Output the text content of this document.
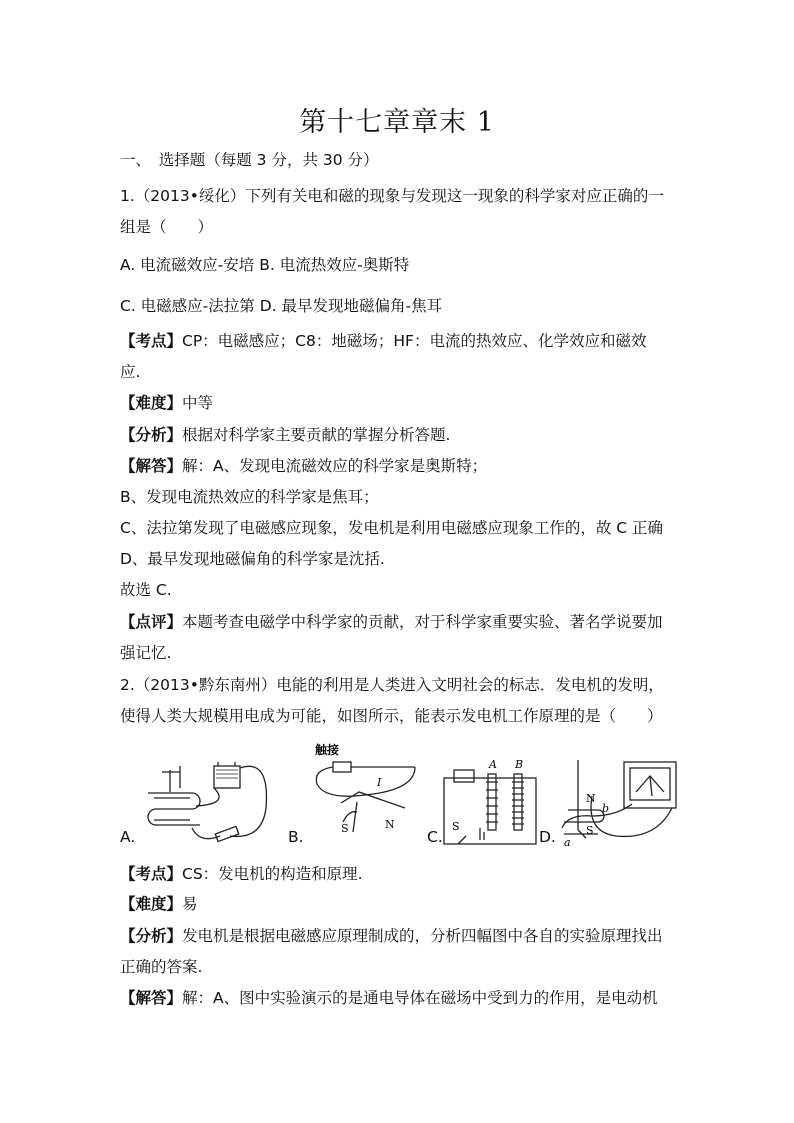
第十七章章末 1
一、　选择题（每题 3 分，共 30 分）
1.（2013•绥化）下列有关电和磁的现象与发现这一现象的科学家对应正确的一
组是（　　）
A. 电流磁效应-安培 B. 电流热效应-奥斯特
C. 电磁感应-法拉第 D. 最早发现地磁偏角-焦耳
【考点】CP：电磁感应；C8：地磁场；HF：电流的热效应、化学效应和磁效
应.
【难度】中等
【分析】根据对科学家主要贡献的掌握分析答题.
【解答】解：A、发现电流磁效应的科学家是奥斯特；
B、发现电流热效应的科学家是焦耳；
C、法拉第发现了电磁感应现象，发电机是利用电磁感应现象工作的，故 C 正确
D、最早发现地磁偏角的科学家是沈括.
故选 C.
【点评】本题考查电磁学中科学家的贡献，对于科学家重要实验、著名学说要加
强记忆.
2.（2013•黔东南州）电能的利用是人类进入文明社会的标志．发电机的发明，
使得人类大规模用电成为可能，如图所示，能表示发电机工作原理的是（　　）
A.	B.
触接
I
S	N
C.
A B
S
D.
N
b
S
a
【考点】CS：发电机的构造和原理.
【难度】易
【分析】发电机是根据电磁感应原理制成的，分析四幅图中各自的实验原理找出
正确的答案.
【解答】解：A、图中实验演示的是通电导体在磁场中受到力的作用，是电动机
